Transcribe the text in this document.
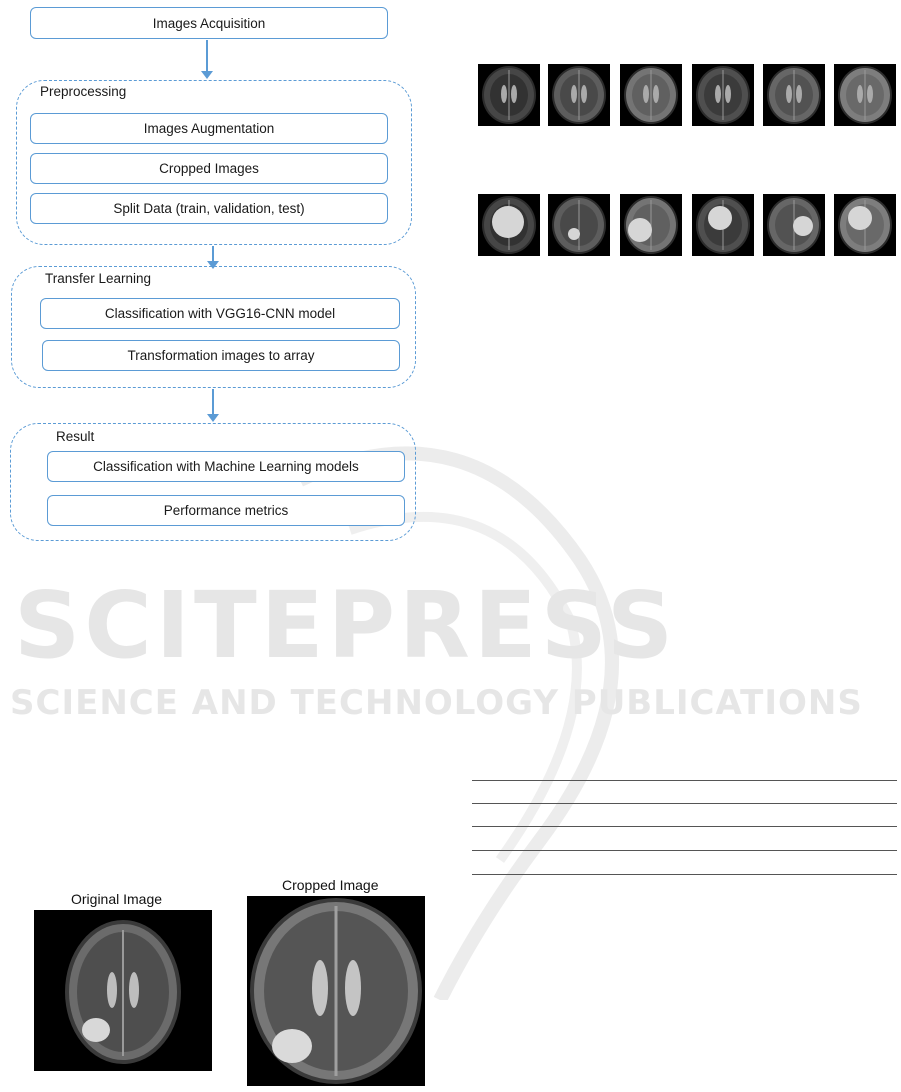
SCITEPRESS
SCIENCE AND TECHNOLOGY PUBLICATIONS
Images Acquisition
Preprocessing
Images Augmentation
Cropped Images
Split Data (train, validation, test)
Transfer Learning
Classification with VGG16-CNN model
Transformation images to array
Result
Classification with Machine Learning models
Performance metrics
Original Image
Cropped Image
